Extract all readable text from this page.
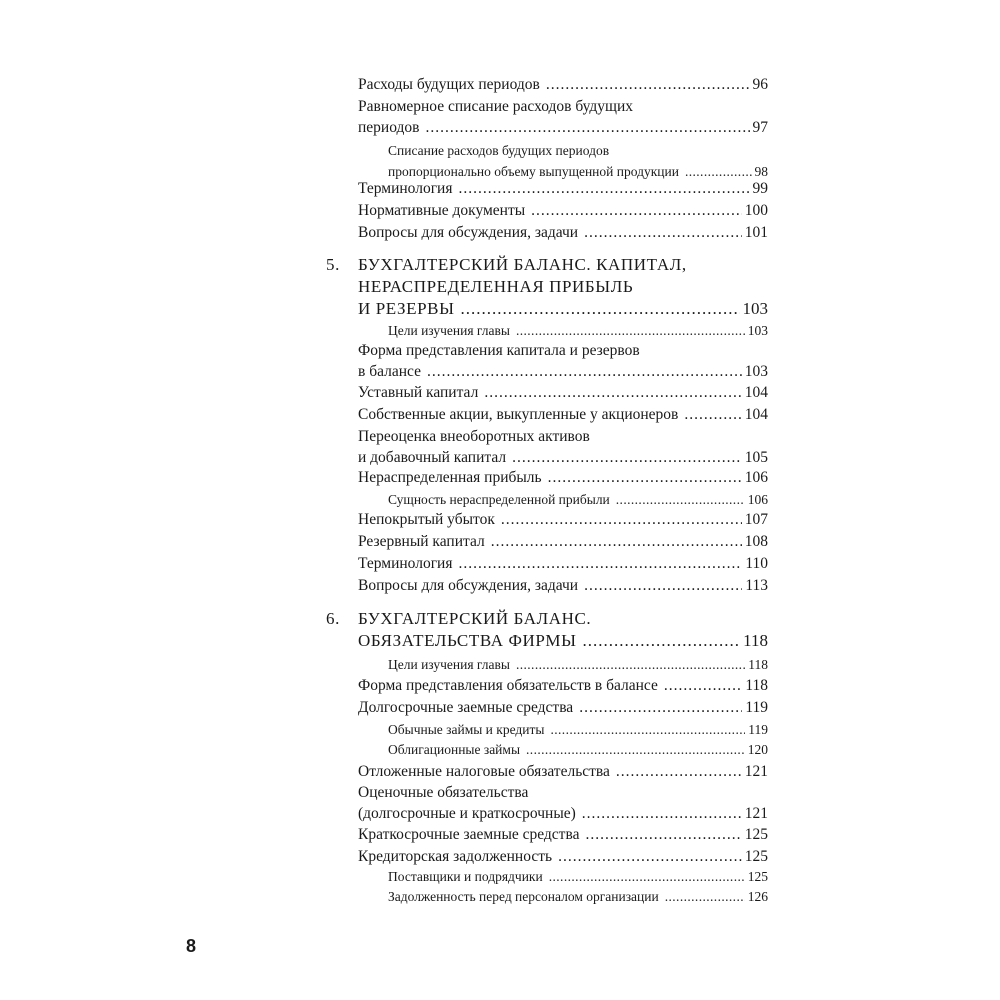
Расходы будущих периодов .....	96
Равномерное списание расходов будущих
периодов .....	97
Списание расходов будущих периодов
пропорционально объему выпущенной продукции .....	98
Терминология .....	99
Нормативные документы .....	100
Вопросы для обсуждения, задачи .....	101
5. БУХГАЛТЕРСКИЙ БАЛАНС. КАПИТАЛ,
НЕРАСПРЕДЕЛЕННАЯ ПРИБЫЛЬ
И РЕЗЕРВЫ .....	103
Цели изучения главы .....	103
Форма представления капитала и резервов
в балансе .....	103
Уставный капитал .....	104
Собственные акции, выкупленные у акционеров .....	104
Переоценка внеоборотных активов
и добавочный капитал .....	105
Нераспределенная прибыль .....	106
Сущность нераспределенной прибыли .....	106
Непокрытый убыток .....	107
Резервный капитал .....	108
Терминология .....	110
Вопросы для обсуждения, задачи .....	113
6. БУХГАЛТЕРСКИЙ БАЛАНС.
ОБЯЗАТЕЛЬСТВА ФИРМЫ .....	118
Цели изучения главы .....	118
Форма представления обязательств в балансе .....	118
Долгосрочные заемные средства .....	119
Обычные займы и кредиты .....	119
Облигационные займы .....	120
Отложенные налоговые обязательства .....	121
Оценочные обязательства
(долгосрочные и краткосрочные) .....	121
Краткосрочные заемные средства .....	125
Кредиторская задолженность .....	125
Поставщики и подрядчики .....	125
Задолженность перед персоналом организации .....	126
8
